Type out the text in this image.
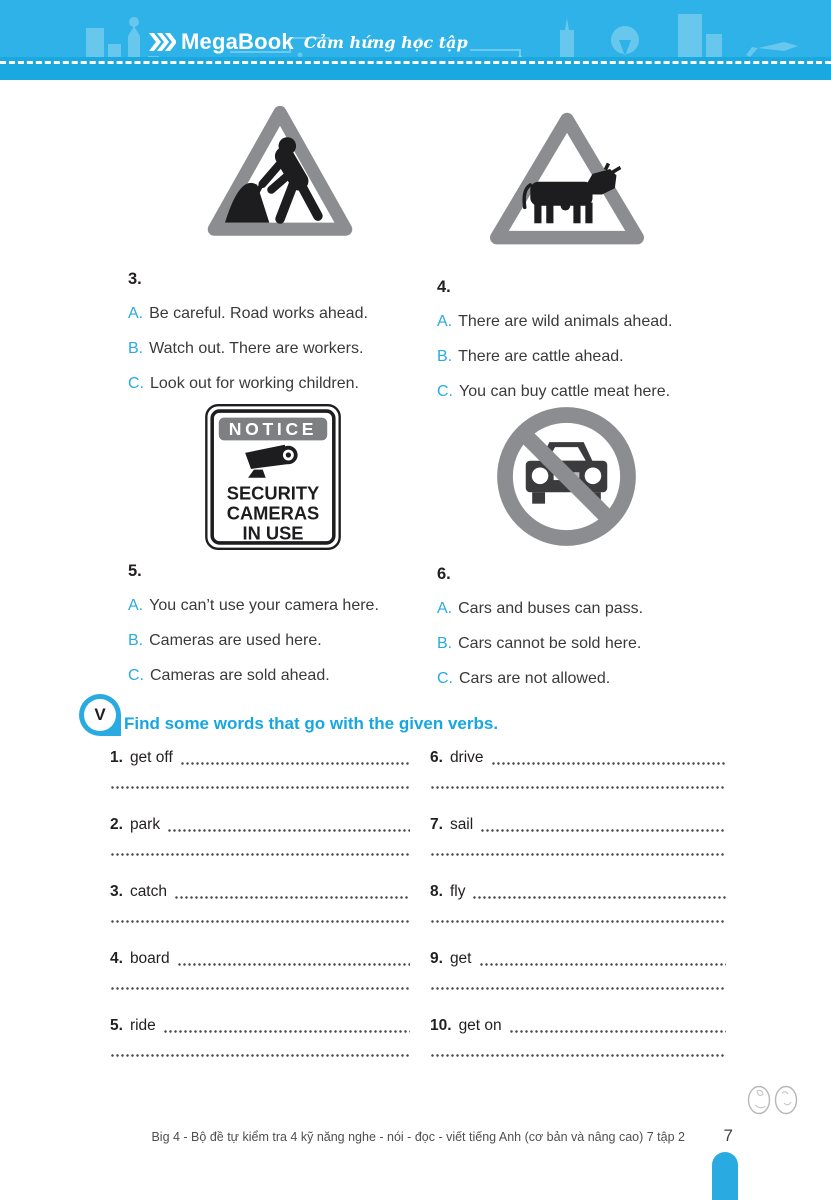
MegaBook Cảm hứng học tập
3.
A. Be careful. Road works ahead.
B. Watch out. There are workers.
C. Look out for working children.
4.
A. There are wild animals ahead.
B. There are cattle ahead.
C. You can buy cattle meat here.
NOTICE
SECURITY
CAMERAS
IN USE
5.
A. You can’t use your camera here.
B. Cameras are used here.
C. Cameras are sold ahead.
6.
A. Cars and buses can pass.
B. Cars cannot be sold here.
C. Cars are not allowed.
V	Find some words that go with the given verbs.
1. get off
2. park
3. catch
4. board
5. ride
6. drive
7. sail
8. fly
9. get
10. get on
Big 4 - Bộ đề tự kiểm tra 4 kỹ năng nghe - nói - đọc - viết tiếng Anh (cơ bản và nâng cao) 7 tập 2 7
